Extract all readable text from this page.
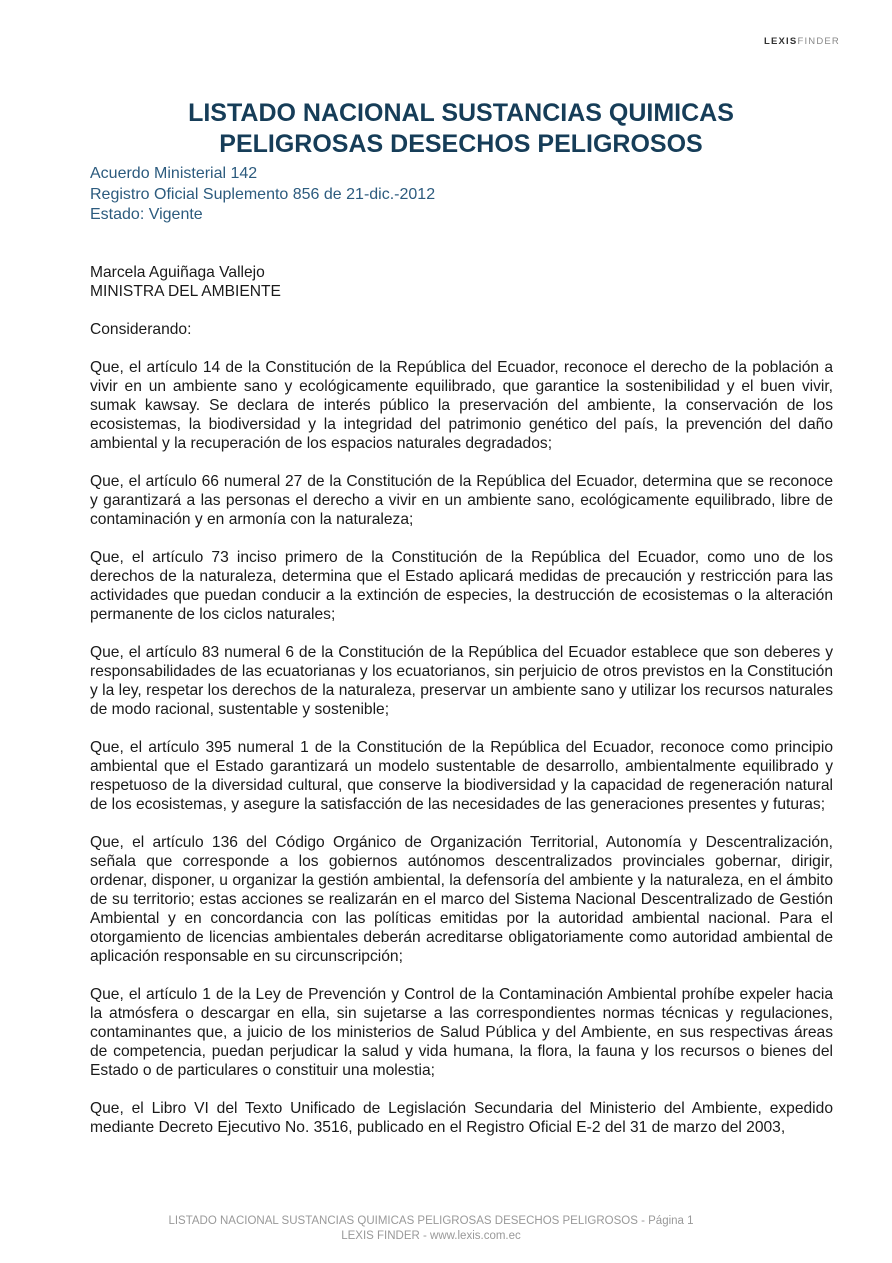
LEXISFINDER
LISTADO NACIONAL SUSTANCIAS QUIMICAS
PELIGROSAS DESECHOS PELIGROSOS
Acuerdo Ministerial 142
Registro Oficial Suplemento 856 de 21-dic.-2012
Estado: Vigente

Marcela Aguiñaga Vallejo
MINISTRA DEL AMBIENTE

Considerando:

Que, el artículo 14 de la Constitución de la República del Ecuador, reconoce el derecho de la población a vivir en un ambiente sano y ecológicamente equilibrado, que garantice la sostenibilidad y el buen vivir, sumak kawsay. Se declara de interés público la preservación del ambiente, la conservación de los ecosistemas, la biodiversidad y la integridad del patrimonio genético del país, la prevención del daño ambiental y la recuperación de los espacios naturales degradados;

Que, el artículo 66 numeral 27 de la Constitución de la República del Ecuador, determina que se reconoce y garantizará a las personas el derecho a vivir en un ambiente sano, ecológicamente equilibrado, libre de contaminación y en armonía con la naturaleza;

Que, el artículo 73 inciso primero de la Constitución de la República del Ecuador, como uno de los derechos de la naturaleza, determina que el Estado aplicará medidas de precaución y restricción para las actividades que puedan conducir a la extinción de especies, la destrucción de ecosistemas o la alteración permanente de los ciclos naturales;

Que, el artículo 83 numeral 6 de la Constitución de la República del Ecuador establece que son deberes y responsabilidades de las ecuatorianas y los ecuatorianos, sin perjuicio de otros previstos en la Constitución y la ley, respetar los derechos de la naturaleza, preservar un ambiente sano y utilizar los recursos naturales de modo racional, sustentable y sostenible;

Que, el artículo 395 numeral 1 de la Constitución de la República del Ecuador, reconoce como principio ambiental que el Estado garantizará un modelo sustentable de desarrollo, ambientalmente equilibrado y respetuoso de la diversidad cultural, que conserve la biodiversidad y la capacidad de regeneración natural de los ecosistemas, y asegure la satisfacción de las necesidades de las generaciones presentes y futuras;

Que, el artículo 136 del Código Orgánico de Organización Territorial, Autonomía y Descentralización, señala que corresponde a los gobiernos autónomos descentralizados provinciales gobernar, dirigir, ordenar, disponer, u organizar la gestión ambiental, la defensoría del ambiente y la naturaleza, en el ámbito de su territorio; estas acciones se realizarán en el marco del Sistema Nacional Descentralizado de Gestión Ambiental y en concordancia con las políticas emitidas por la autoridad ambiental nacional. Para el otorgamiento de licencias ambientales deberán acreditarse obligatoriamente como autoridad ambiental de aplicación responsable en su circunscripción;

Que, el artículo 1 de la Ley de Prevención y Control de la Contaminación Ambiental prohíbe expeler hacia la atmósfera o descargar en ella, sin sujetarse a las correspondientes normas técnicas y regulaciones, contaminantes que, a juicio de los ministerios de Salud Pública y del Ambiente, en sus respectivas áreas de competencia, puedan perjudicar la salud y vida humana, la flora, la fauna y los recursos o bienes del Estado o de particulares o constituir una molestia;

Que, el Libro VI del Texto Unificado de Legislación Secundaria del Ministerio del Ambiente, expedido mediante Decreto Ejecutivo No. 3516, publicado en el Registro Oficial E-2 del 31 de marzo del 2003,

LISTADO NACIONAL SUSTANCIAS QUIMICAS PELIGROSAS DESECHOS PELIGROSOS - Página 1
LEXIS FINDER - www.lexis.com.ec
